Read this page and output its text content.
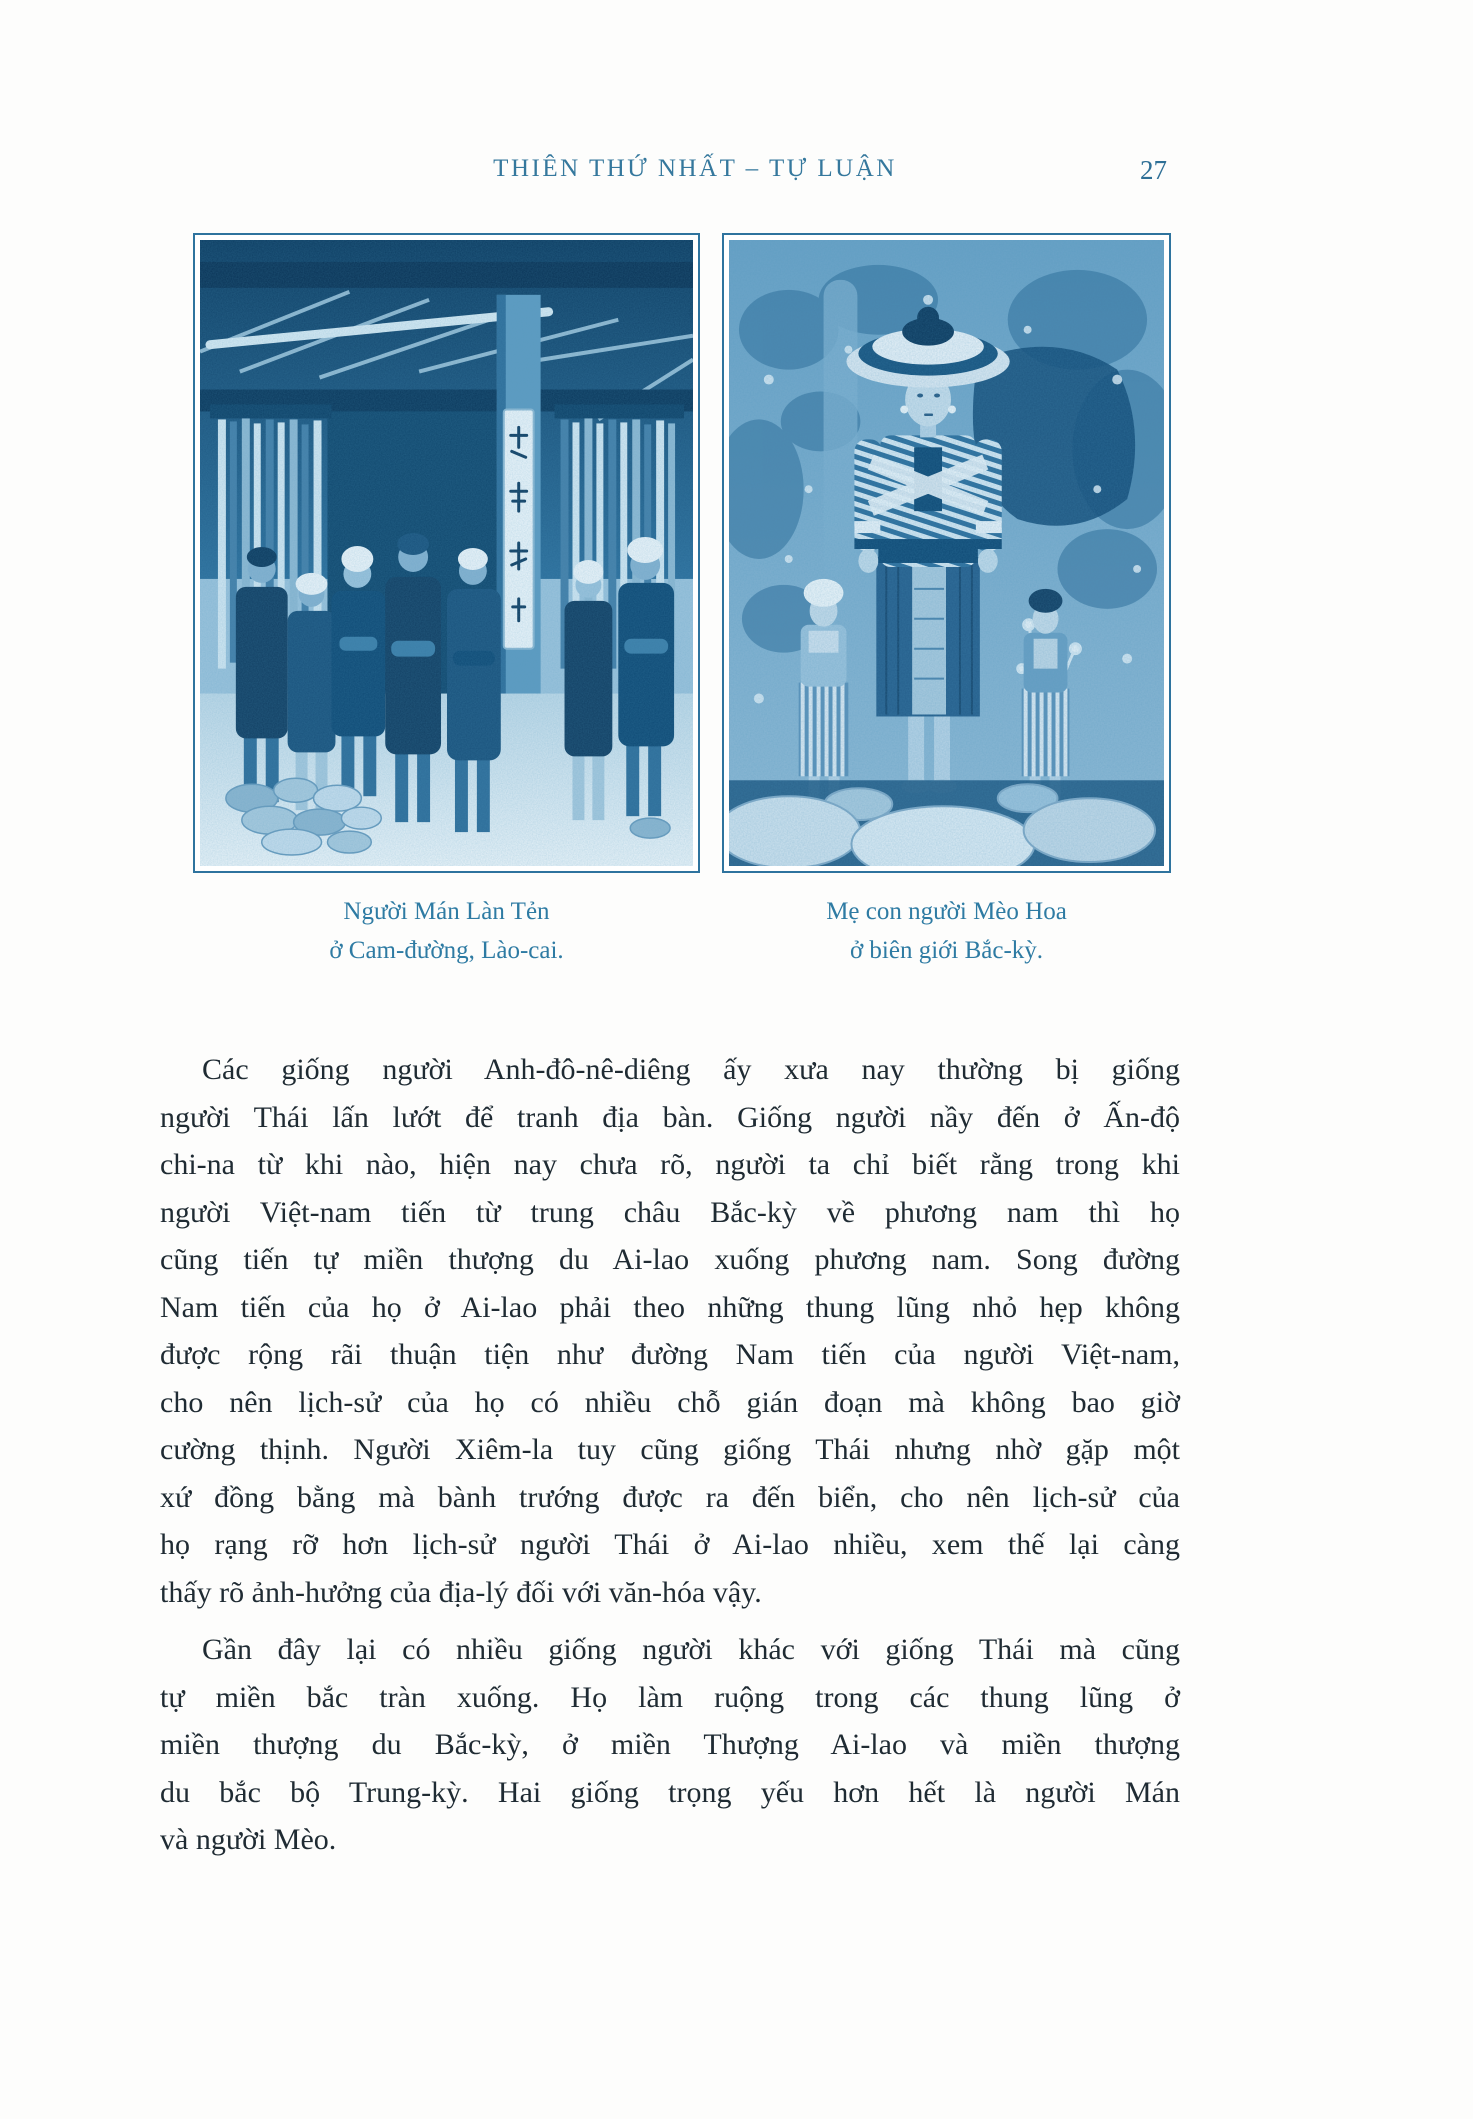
THIÊN THỨ NHẤT – TỰ LUẬN	27
Người Mán Làn Tẻn
ở Cam-đường, Lào-cai.
Mẹ con người Mèo Hoa
ở biên giới Bắc-kỳ.
Các giống người Anh-đô-nê-diêng ấy xưa nay thường bị giống
người Thái lấn lướt để tranh địa bàn. Giống người nầy đến ở Ấn-độ
chi-na từ khi nào, hiện nay chưa rõ, người ta chỉ biết rằng trong khi
người Việt-nam tiến từ trung châu Bắc-kỳ về phương nam thì họ
cũng tiến tự miền thượng du Ai-lao xuống phương nam. Song đường
Nam tiến của họ ở Ai-lao phải theo những thung lũng nhỏ hẹp không
được rộng rãi thuận tiện như đường Nam tiến của người Việt-nam,
cho nên lịch-sử của họ có nhiều chỗ gián đoạn mà không bao giờ
cường thịnh. Người Xiêm-la tuy cũng giống Thái nhưng nhờ gặp một
xứ đồng bằng mà bành trướng được ra đến biển, cho nên lịch-sử của
họ rạng rỡ hơn lịch-sử người Thái ở Ai-lao nhiều, xem thế lại càng
thấy rõ ảnh-hưởng của địa-lý đối với văn-hóa vậy.
Gần đây lại có nhiều giống người khác với giống Thái mà cũng
tự miền bắc tràn xuống. Họ làm ruộng trong các thung lũng ở
miền thượng du Bắc-kỳ, ở miền Thượng Ai-lao và miền thượng
du bắc bộ Trung-kỳ. Hai giống trọng yếu hơn hết là người Mán
và người Mèo.
